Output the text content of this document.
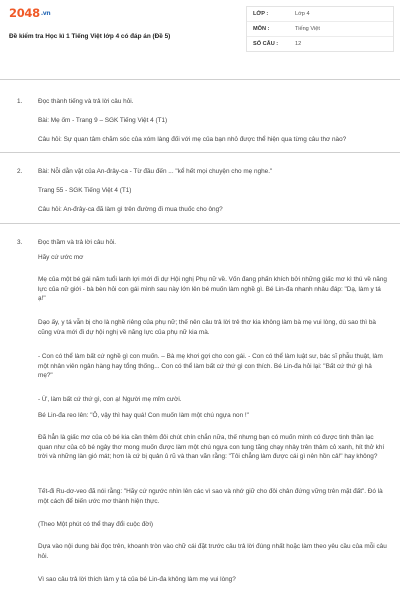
2048.vn
Đề kiểm tra Học kì 1 Tiếng Việt lớp 4 có đáp án (Đề 5)
LỚP :	Lớp 4
MÔN :	Tiếng Việt
SỐ CÂU :	12
1. Đọc thành tiếng và trả lời câu hỏi.
Bài: Mẹ ốm - Trang 9 – SGK Tiếng Việt 4 (T1)
Câu hỏi: Sự quan tâm chăm sóc của xóm làng đối với mẹ của bạn nhỏ được thể hiện qua từng câu thơ nào?
2. Bài: Nỗi dằn vặt của An-đrây-ca - Từ đầu đến ... "kể hết mọi chuyện cho mẹ nghe."
Trang 55 - SGK Tiếng Việt 4 (T1)
Câu hỏi: An-đrây-ca đã làm gì trên đường đi mua thuốc cho ông?
3. Đọc thầm và trả lời câu hỏi.
Hãy cứ ước mơ
Mẹ của một bé gái năm tuổi lanh lợi mới đi dự Hội nghị Phụ nữ về. Vốn đang phấn khích bởi những giấc mơ kì thú về năng lực của nữ giới - bà bèn hỏi con gái mình sau này lớn lên bé muốn làm nghề gì. Bé Lin-đa nhanh nhảu đáp: "Dạ, làm y tá ạ!"
Dạo ấy, y tá vẫn bị cho là nghề riêng của phụ nữ; thế nên câu trả lời trẻ thơ kia không làm bà mẹ vui lòng, dù sao thì bà cũng vừa mới đi dự hội nghị về năng lực của phụ nữ kia mà.
- Con có thể làm bất cứ nghề gì con muốn. – Bà mẹ khơi gợi cho con gái. - Con có thể làm luật sư, bác sĩ phẫu thuật, làm một nhân viên ngân hàng hay tổng thống... Con có thể làm bất cứ thứ gì con thích. Bé Lin-đa hỏi lại: "Bất cứ thứ gì hả mẹ?"
- Ừ, làm bất cứ thứ gì, con ạ! Người mẹ mỉm cười.
Bé Lin-đa reo lên: "Ô, vậy thì hay quá! Con muốn làm một chú ngựa non !"
Đã hẳn là giấc mơ của cô bé kia cần thêm đôi chút chín chắn nữa, thế nhưng bạn có muốn mình có được tinh thần lạc quan như của cô bé ngây thơ mong muốn được làm một chú ngựa con tung tăng chạy nhảy trên thảm cỏ xanh, hít thở khí trời và những làn gió mát; hơn là cứ bị quản ủ rũ và than vãn rằng: "Tôi chẳng làm được cái gì nên hồn cả!" hay không?
Tết-đi Ru-dơ-veo đã nói rằng: "Hãy cứ ngước nhìn lên các vì sao và nhớ giữ cho đôi chân đứng vững trên mặt đất". Đó là một cách để biến ước mơ thành hiện thực.
(Theo Một phút có thể thay đổi cuộc đời)
Dựa vào nội dung bài đọc trên, khoanh tròn vào chữ cái đặt trước câu trả lời đúng nhất hoặc làm theo yêu cầu của mỗi câu hỏi.
Vì sao câu trả lời thích làm y tá của bé Lin-đa không làm mẹ vui lòng?
